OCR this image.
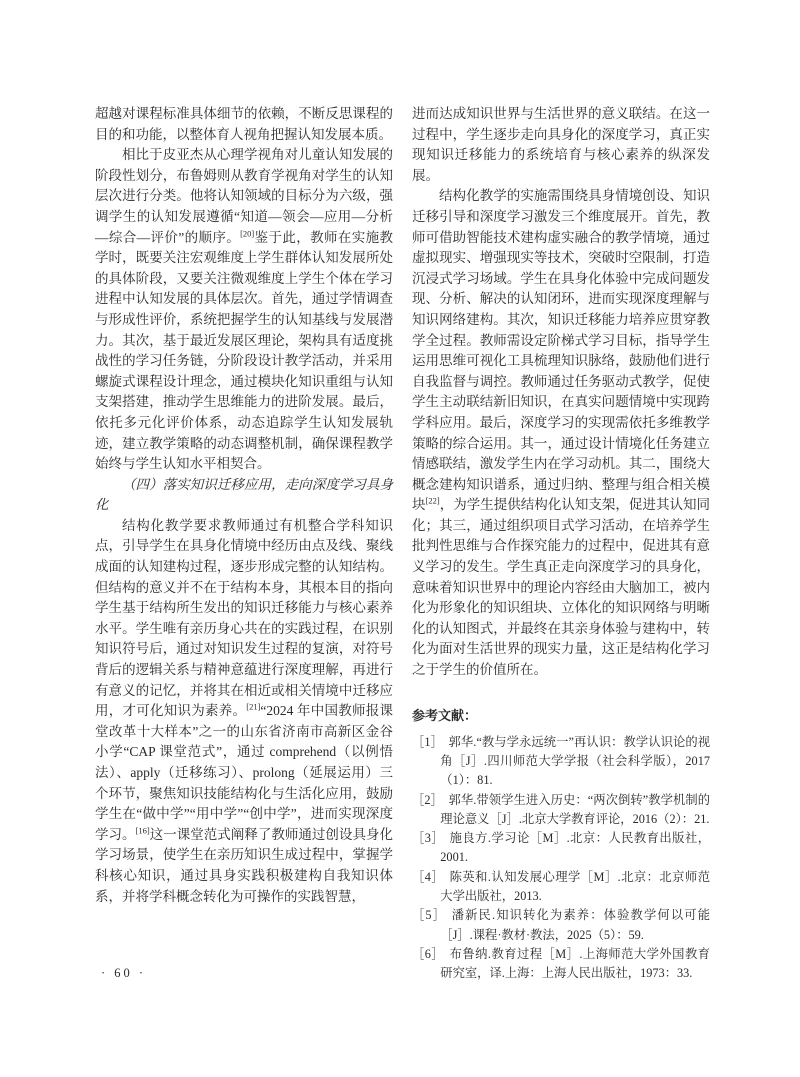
超越对课程标准具体细节的依赖，不断反思课程的目的和功能，以整体育人视角把握认知发展本质。

相比于皮亚杰从心理学视角对儿童认知发展的阶段性划分，布鲁姆则从教育学视角对学生的认知层次进行分类。他将认知领域的目标分为六级，强调学生的认知发展遵循“知道—领会—应用—分析—综合—评价”的顺序。[20]鉴于此，教师在实施教学时，既要关注宏观维度上学生群体认知发展所处的具体阶段，又要关注微观维度上学生个体在学习进程中认知发展的具体层次。首先，通过学情调查与形成性评价，系统把握学生的认知基线与发展潜力。其次，基于最近发展区理论，架构具有适度挑战性的学习任务链，分阶段设计教学活动，并采用螺旋式课程设计理念，通过模块化知识重组与认知支架搭建，推动学生思维能力的进阶发展。最后，依托多元化评价体系，动态追踪学生认知发展轨迹，建立教学策略的动态调整机制，确保课程教学始终与学生认知水平相契合。

（四）落实知识迁移应用，走向深度学习具身化

结构化教学要求教师通过有机整合学科知识点，引导学生在具身化情境中经历由点及线、聚线成面的认知建构过程，逐步形成完整的认知结构。但结构的意义并不在于结构本身，其根本目的指向学生基于结构所生发出的知识迁移能力与核心素养水平。学生唯有亲历身心共在的实践过程，在识别知识符号后，通过对知识发生过程的复演，对符号背后的逻辑关系与精神意蕴进行深度理解，再进行有意义的记忆，并将其在相近或相关情境中迁移应用，才可化知识为素养。[21]“2024 年中国教师报课堂改革十大样本”之一的山东省济南市高新区金谷小学“CAP 课堂范式”，通过 comprehend（以例悟法）、apply（迁移练习）、prolong（延展运用）三个环节，聚焦知识技能结构化与生活化应用，鼓励学生在“做中学”“用中学”“创中学”，进而实现深度学习。[16]这一课堂范式阐释了教师通过创设具身化学习场景，使学生在亲历知识生成过程中，掌握学科核心知识，通过具身实践积极建构自我知识体系，并将学科概念转化为可操作的实践智慧，

进而达成知识世界与生活世界的意义联结。在这一过程中，学生逐步走向具身化的深度学习，真正实现知识迁移能力的系统培育与核心素养的纵深发展。

结构化教学的实施需围绕具身情境创设、知识迁移引导和深度学习激发三个维度展开。首先，教师可借助智能技术建构虚实融合的教学情境，通过虚拟现实、增强现实等技术，突破时空限制，打造沉浸式学习场域。学生在具身化体验中完成问题发现、分析、解决的认知闭环，进而实现深度理解与知识网络建构。其次，知识迁移能力培养应贯穿教学全过程。教师需设定阶梯式学习目标，指导学生运用思维可视化工具梳理知识脉络，鼓励他们进行自我监督与调控。教师通过任务驱动式教学，促使学生主动联结新旧知识，在真实问题情境中实现跨学科应用。最后，深度学习的实现需依托多维教学策略的综合运用。其一，通过设计情境化任务建立情感联结，激发学生内在学习动机。其二，围绕大概念建构知识谱系，通过归纳、整理与组合相关模块[22]，为学生提供结构化认知支架，促进其认知同化；其三，通过组织项目式学习活动，在培养学生批判性思维与合作探究能力的过程中，促进其有意义学习的发生。学生真正走向深度学习的具身化，意味着知识世界中的理论内容经由大脑加工，被内化为形象化的知识组块、立体化的知识网络与明晰化的认知图式，并最终在其亲身体验与建构中，转化为面对生活世界的现实力量，这正是结构化学习之于学生的价值所在。

参考文献：
［1］ 郭华.“教与学永远统一”再认识：教学认识论的视角［J］.四川师范大学学报（社会科学版），2017（1）：81.
［2］ 郭华.带领学生进入历史：“两次倒转”教学机制的理论意义［J］.北京大学教育评论，2016（2）：21.
［3］ 施良方.学习论［M］.北京：人民教育出版社，2001.
［4］ 陈英和.认知发展心理学［M］.北京：北京师范大学出版社，2013.
［5］ 潘新民.知识转化为素养：体验教学何以可能［J］.课程·教材·教法，2025（5）：59.
［6］ 布鲁纳.教育过程［M］.上海师范大学外国教育研究室，译.上海：上海人民出版社，1973：33.
· 60 ·
